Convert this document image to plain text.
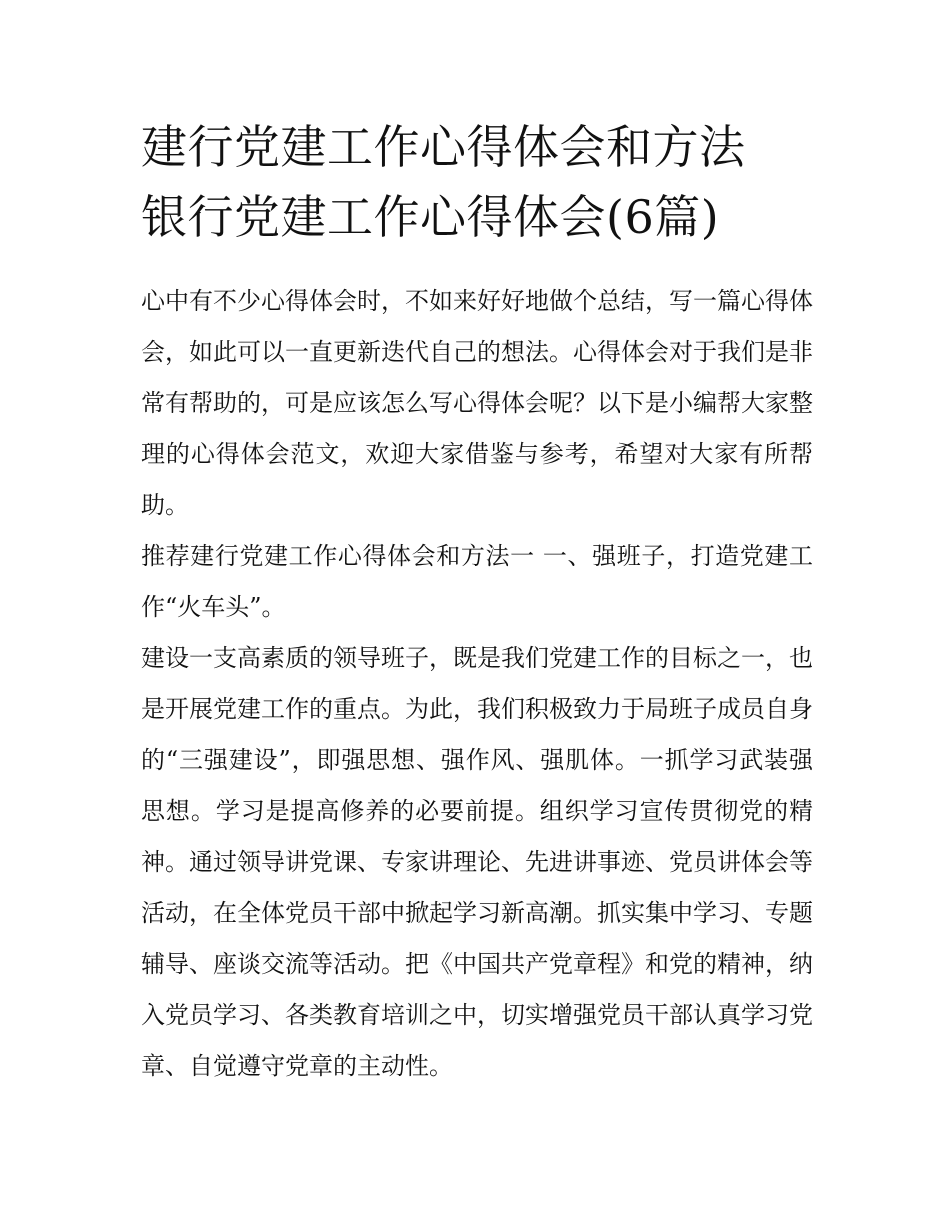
建行党建工作心得体会和方法
银行党建工作心得体会(6篇)

心中有不少心得体会时，不如来好好地做个总结，写一篇心得体会，如此可以一直更新迭代自己的想法。心得体会对于我们是非常有帮助的，可是应该怎么写心得体会呢？以下是小编帮大家整理的心得体会范文，欢迎大家借鉴与参考，希望对大家有所帮助。

推荐建行党建工作心得体会和方法一 一、强班子，打造党建工作“火车头”。

建设一支高素质的领导班子，既是我们党建工作的目标之一，也是开展党建工作的重点。为此，我们积极致力于局班子成员自身的“三强建设”，即强思想、强作风、强肌体。一抓学习武装强思想。学习是提高修养的必要前提。组织学习宣传贯彻党的精神。通过领导讲党课、专家讲理论、先进讲事迹、党员讲体会等活动，在全体党员干部中掀起学习新高潮。抓实集中学习、专题辅导、座谈交流等活动。把《中国共产党章程》和党的精神，纳入党员学习、各类教育培训之中，切实增强党员干部认真学习党章、自觉遵守党章的主动性。
